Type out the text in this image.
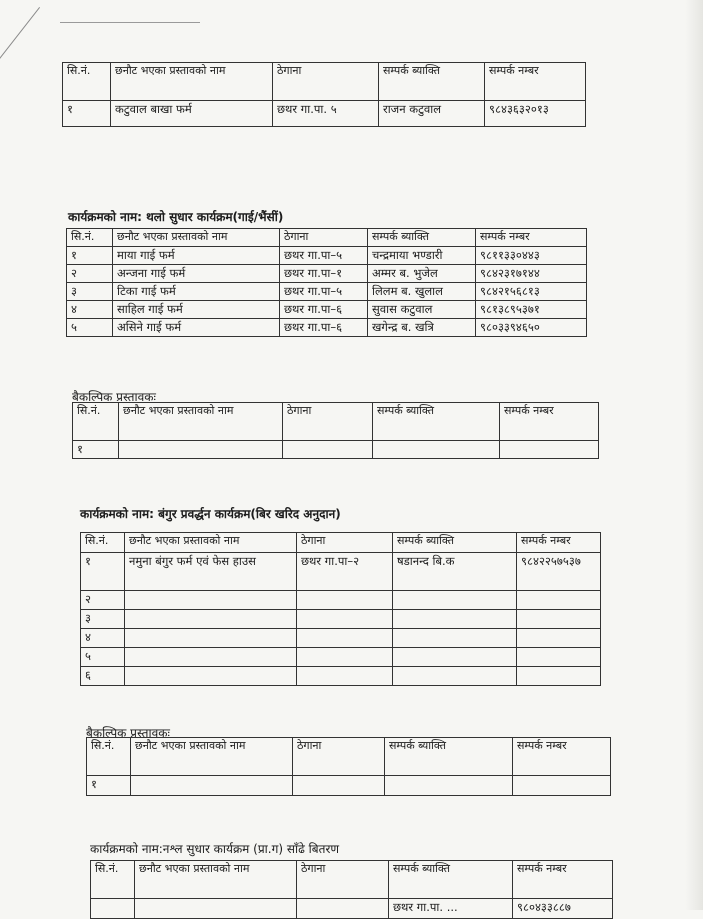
सि.नं.	छनौट भएका प्रस्तावको नाम	ठेगाना	सम्पर्क ब्याक्ति	सम्पर्क नम्बर
१	कटुवाल बाखा फर्म	छथर गा.पा. ५	राजन कटुवाल	९८४३६३२०१३
कार्यक्रमको नाम: थलो सुधार कार्यक्रम(गाई/भैंसीं)
सि.नं.	छनौट भएका प्रस्तावको नाम	ठेगाना	सम्पर्क ब्याक्ति	सम्पर्क नम्बर
१	माया गाई फर्म	छथर गा.पा–५	चन्द्रमाया भण्डारी	९८११३३०४४३
२	अन्जना गाई फर्म	छथर गा.पा–१	अम्मर ब. भुजेल	९८४२३१७१४४
३	टिका गाई फर्म	छथर गा.पा–५	लिलम ब. खुलाल	९८४२१५६८१३
४	साहिल गाई फर्म	छथर गा.पा–६	सुवास कटुवाल	९८१३८९५३७१
५	असिने गाई फर्म	छथर गा.पा–६	खगेन्द्र ब. खत्रि	९८०३३९४६५०
बैकल्पिक प्रस्तावकः
सि.नं.	छनौट भएका प्रस्तावको नाम	ठेगाना	सम्पर्क ब्याक्ति	सम्पर्क नम्बर
१				
कार्यक्रमको नाम: बंगुर प्रवर्द्धन कार्यक्रम(बिर खरिद अनुदान)
सि.नं.	छनौट भएका प्रस्तावको नाम	ठेगाना	सम्पर्क ब्याक्ति	सम्पर्क नम्बर
१	नमुना बंगुर फर्म एवं फेस हाउस	छथर गा.पा–२	षडानन्द बि.क	९८४२२५७५३७
२				
३				
४				
५				
६				
बैकल्पिक प्रस्तावकः
सि.नं.	छनौट भएका प्रस्तावको नाम	ठेगाना	सम्पर्क ब्याक्ति	सम्पर्क नम्बर
१				
कार्यक्रमको नाम:नश्ल सुधार कार्यक्रम (प्रा.ग) साँढे बितरण
सि.नं.	छनौट भएका प्रस्तावको नाम	ठेगाना	सम्पर्क ब्याक्ति	सम्पर्क नम्बर
			छथर गा.पा. ...	९८०४३३८८७
